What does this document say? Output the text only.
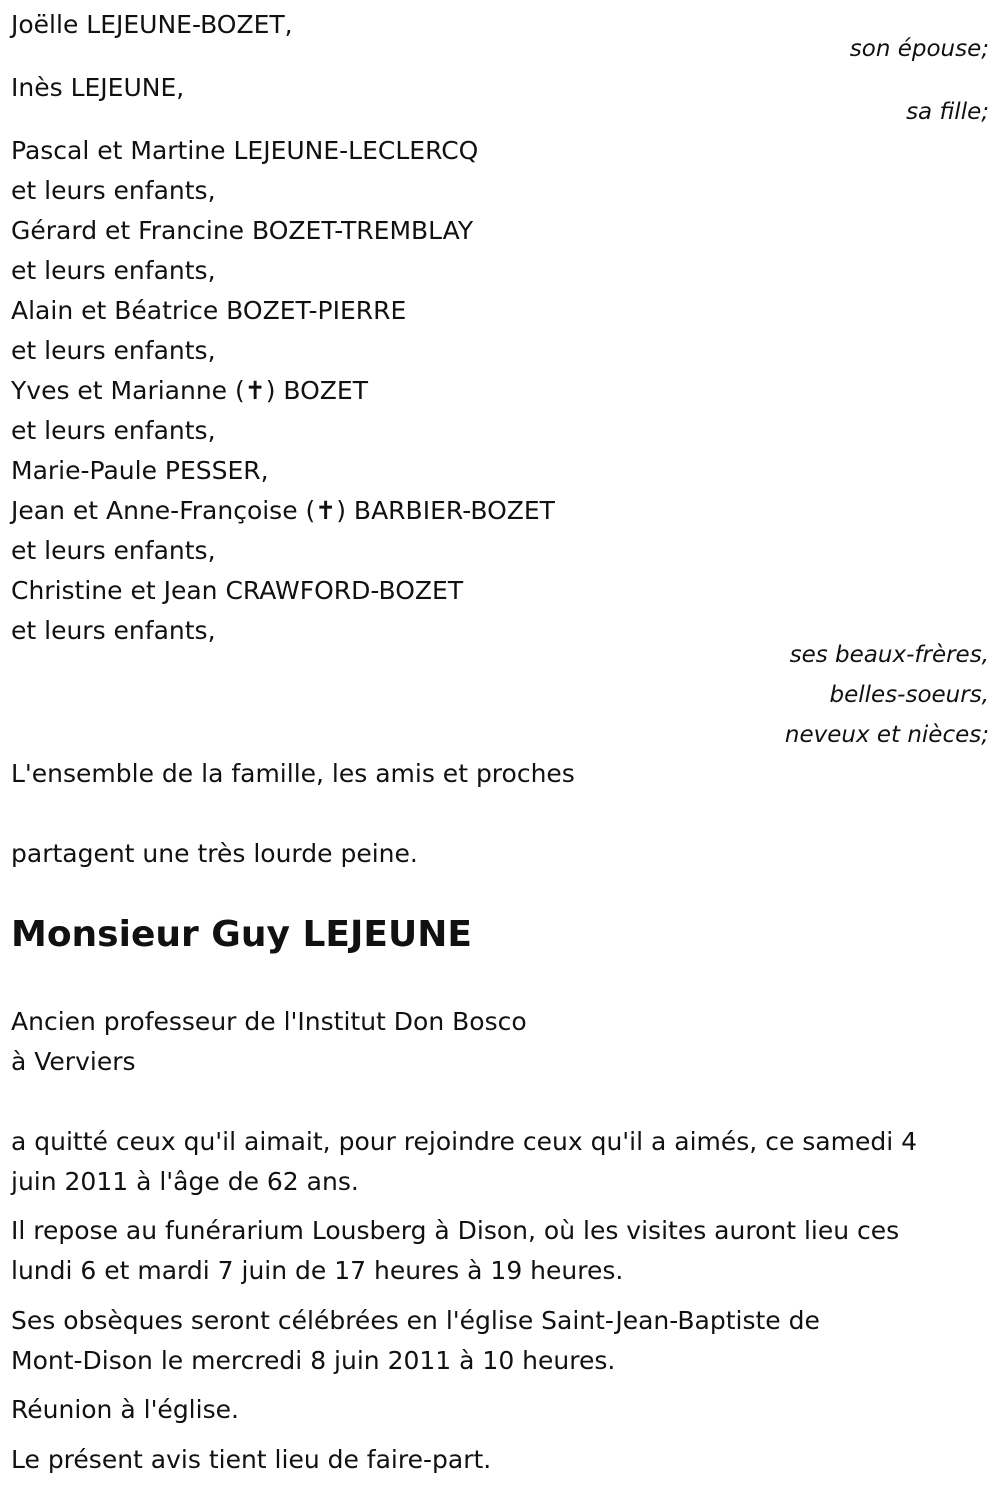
Joëlle LEJEUNE-BOZET,

son épouse;

Inès LEJEUNE,

sa fille;

Pascal et Martine LEJEUNE-LECLERCQ

et leurs enfants,

Gérard et Francine BOZET-TREMBLAY

et leurs enfants,

Alain et Béatrice BOZET-PIERRE

et leurs enfants,

Yves et Marianne (✝) BOZET

et leurs enfants,

Marie-Paule PESSER,

Jean et Anne-Françoise (✝) BARBIER-BOZET

et leurs enfants,

Christine et Jean CRAWFORD-BOZET

et leurs enfants,

ses beaux-frères,

belles-soeurs,

neveux et nièces;

L'ensemble de la famille, les amis et proches

partagent une très lourde peine.

Monsieur Guy LEJEUNE

Ancien professeur de l'Institut Don Bosco

à Verviers

a quitté ceux qu'il aimait, pour rejoindre ceux qu'il a aimés, ce samedi 4

juin 2011 à l'âge de 62 ans.

Il repose au funérarium Lousberg à Dison, où les visites auront lieu ces

lundi 6 et mardi 7 juin de 17 heures à 19 heures.

Ses obsèques seront célébrées en l'église Saint-Jean-Baptiste de

Mont-Dison le mercredi 8 juin 2011 à 10 heures.

Réunion à l'église.

Le présent avis tient lieu de faire-part.
